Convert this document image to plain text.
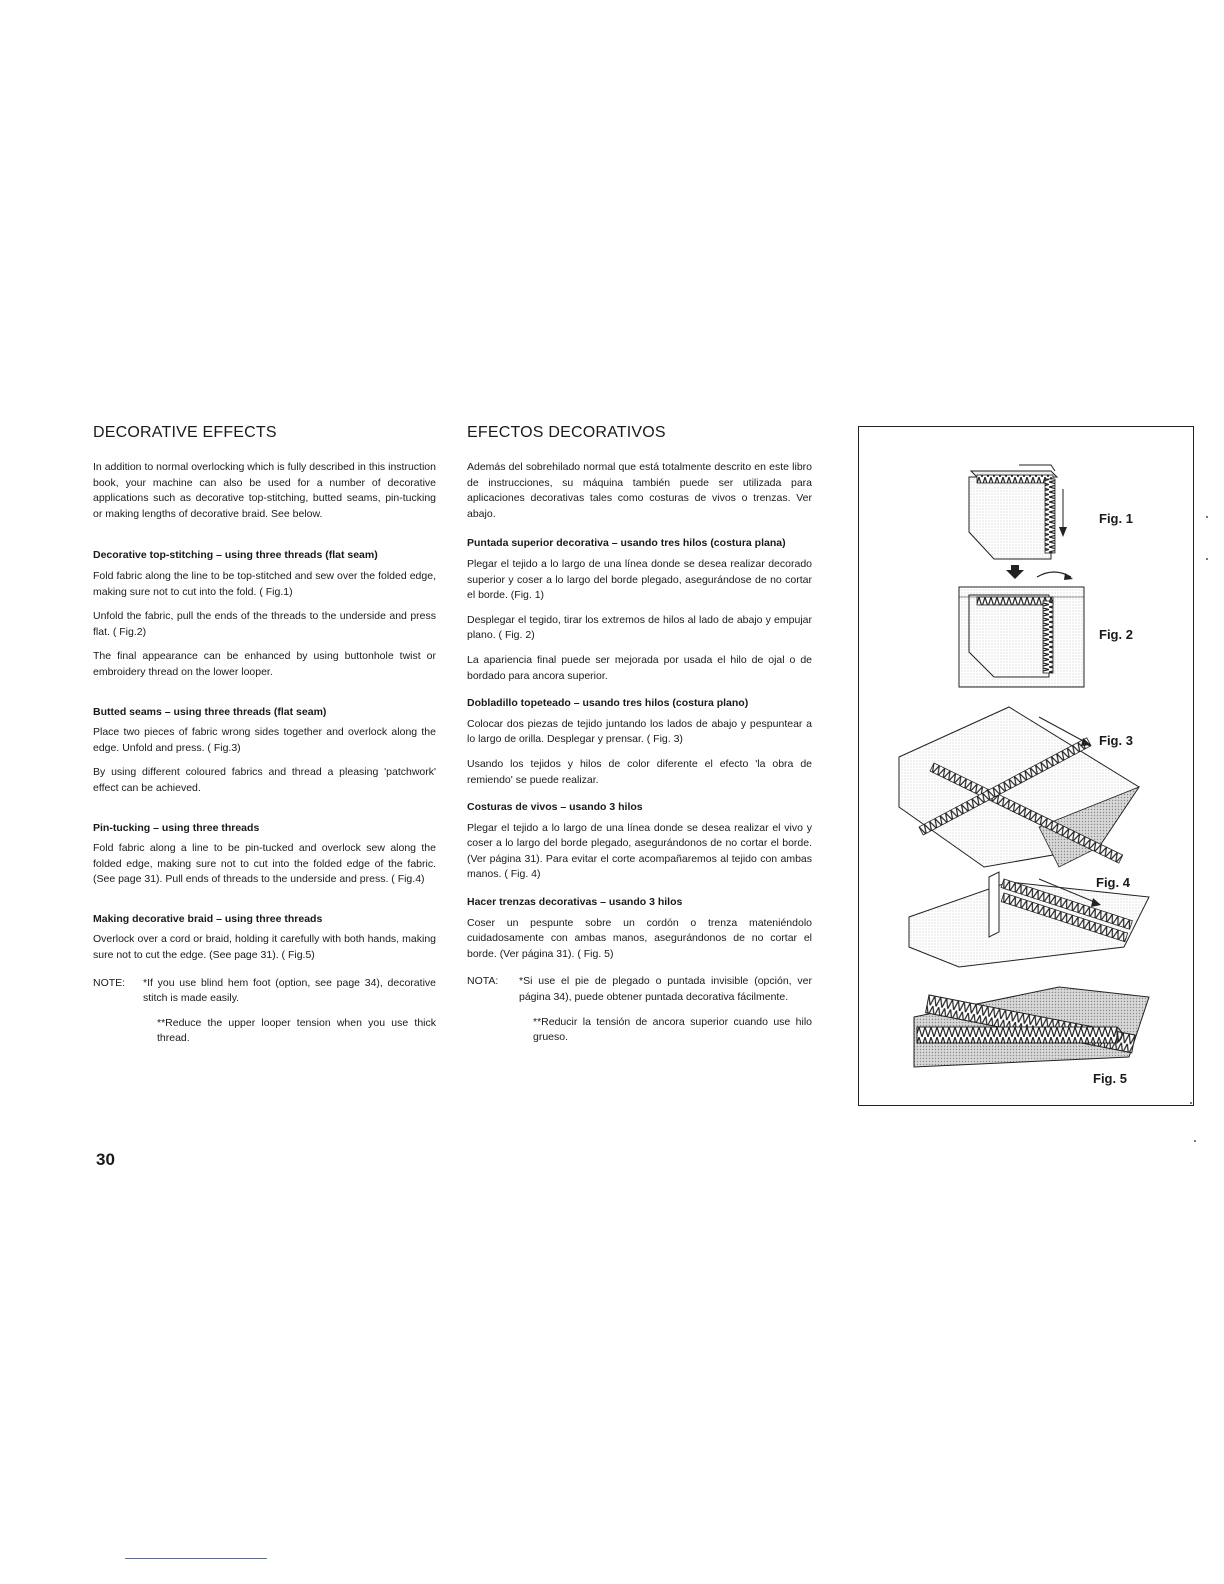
DECORATIVE EFFECTS

In addition to normal overlocking which is fully described in this instruction book, your machine can also be used for a number of decorative applications such as decorative top-stitching, butted seams, pin-tucking or making lengths of decorative braid. See below.

Decorative top-stitching – using three threads (flat seam)

Fold fabric along the line to be top-stitched and sew over the folded edge, making sure not to cut into the fold. ( Fig.1)

Unfold the fabric, pull the ends of the threads to the underside and press flat. ( Fig.2)

The final appearance can be enhanced by using buttonhole twist or embroidery thread on the lower looper.

Butted seams – using three threads (flat seam)

Place two pieces of fabric wrong sides together and overlock along the edge. Unfold and press. ( Fig.3)

By using different coloured fabrics and thread a pleasing 'patchwork' effect can be achieved.

Pin-tucking – using three threads

Fold fabric along a line to be pin-tucked and overlock sew along the folded edge, making sure not to cut into the folded edge of the fabric. (See page 31). Pull ends of threads to the underside and press. ( Fig.4)

Making decorative braid – using three threads

Overlock over a cord or braid, holding it carefully with both hands, making sure not to cut the edge. (See page 31). ( Fig.5)

NOTE:	*If you use blind hem foot (option, see page 34), decorative stitch is made easily.
**Reduce the upper looper tension when you use thick thread.
EFECTOS DECORATIVOS

Además del sobrehilado normal que está totalmente descrito en este libro de instrucciones, su máquina también puede ser utilizada para aplicaciones decorativas tales como costuras de vivos o trenzas. Ver abajo.

Puntada superior decorativa – usando tres hilos (costura plana)

Plegar el tejido a lo largo de una línea donde se desea realizar decorado superior y coser a lo largo del borde plegado, asegurándose de no cortar el borde. (Fig. 1)

Desplegar el tegido, tirar los extremos de hilos al lado de abajo y empujar plano. ( Fig. 2)

La apariencia final puede ser mejorada por usada el hilo de ojal o de bordado para ancora superior.

Dobladillo topeteado – usando tres hilos (costura plano)

Colocar dos piezas de tejido juntando los lados de abajo y pespuntear a lo largo de orilla. Desplegar y prensar. ( Fig. 3)

Usando los tejidos y hilos de color diferente el efecto 'la obra de remiendo' se puede realizar.

Costuras de vivos – usando 3 hilos

Plegar el tejido a lo largo de una línea donde se desea realizar el vivo y coser a lo largo del borde plegado, asegurándonos de no cortar el borde. (Ver página 31). Para evitar el corte acompañaremos al tejido con ambas manos. ( Fig. 4)

Hacer trenzas decorativas – usando 3 hilos

Coser un pespunte sobre un cordón o trenza mateniéndolo cuidadosamente con ambas manos, asegurándonos de no cortar el borde. (Ver página 31). ( Fig. 5)

NOTA:	*Si use el pie de plegado o puntada invisible (opción, ver página 34), puede obtener puntada decorativa fácilmente.
**Reducir la tensión de ancora superior cuando use hilo grueso.
Fig. 1
Fig. 2
Fig. 3
Fig. 4
Fig. 5
30
